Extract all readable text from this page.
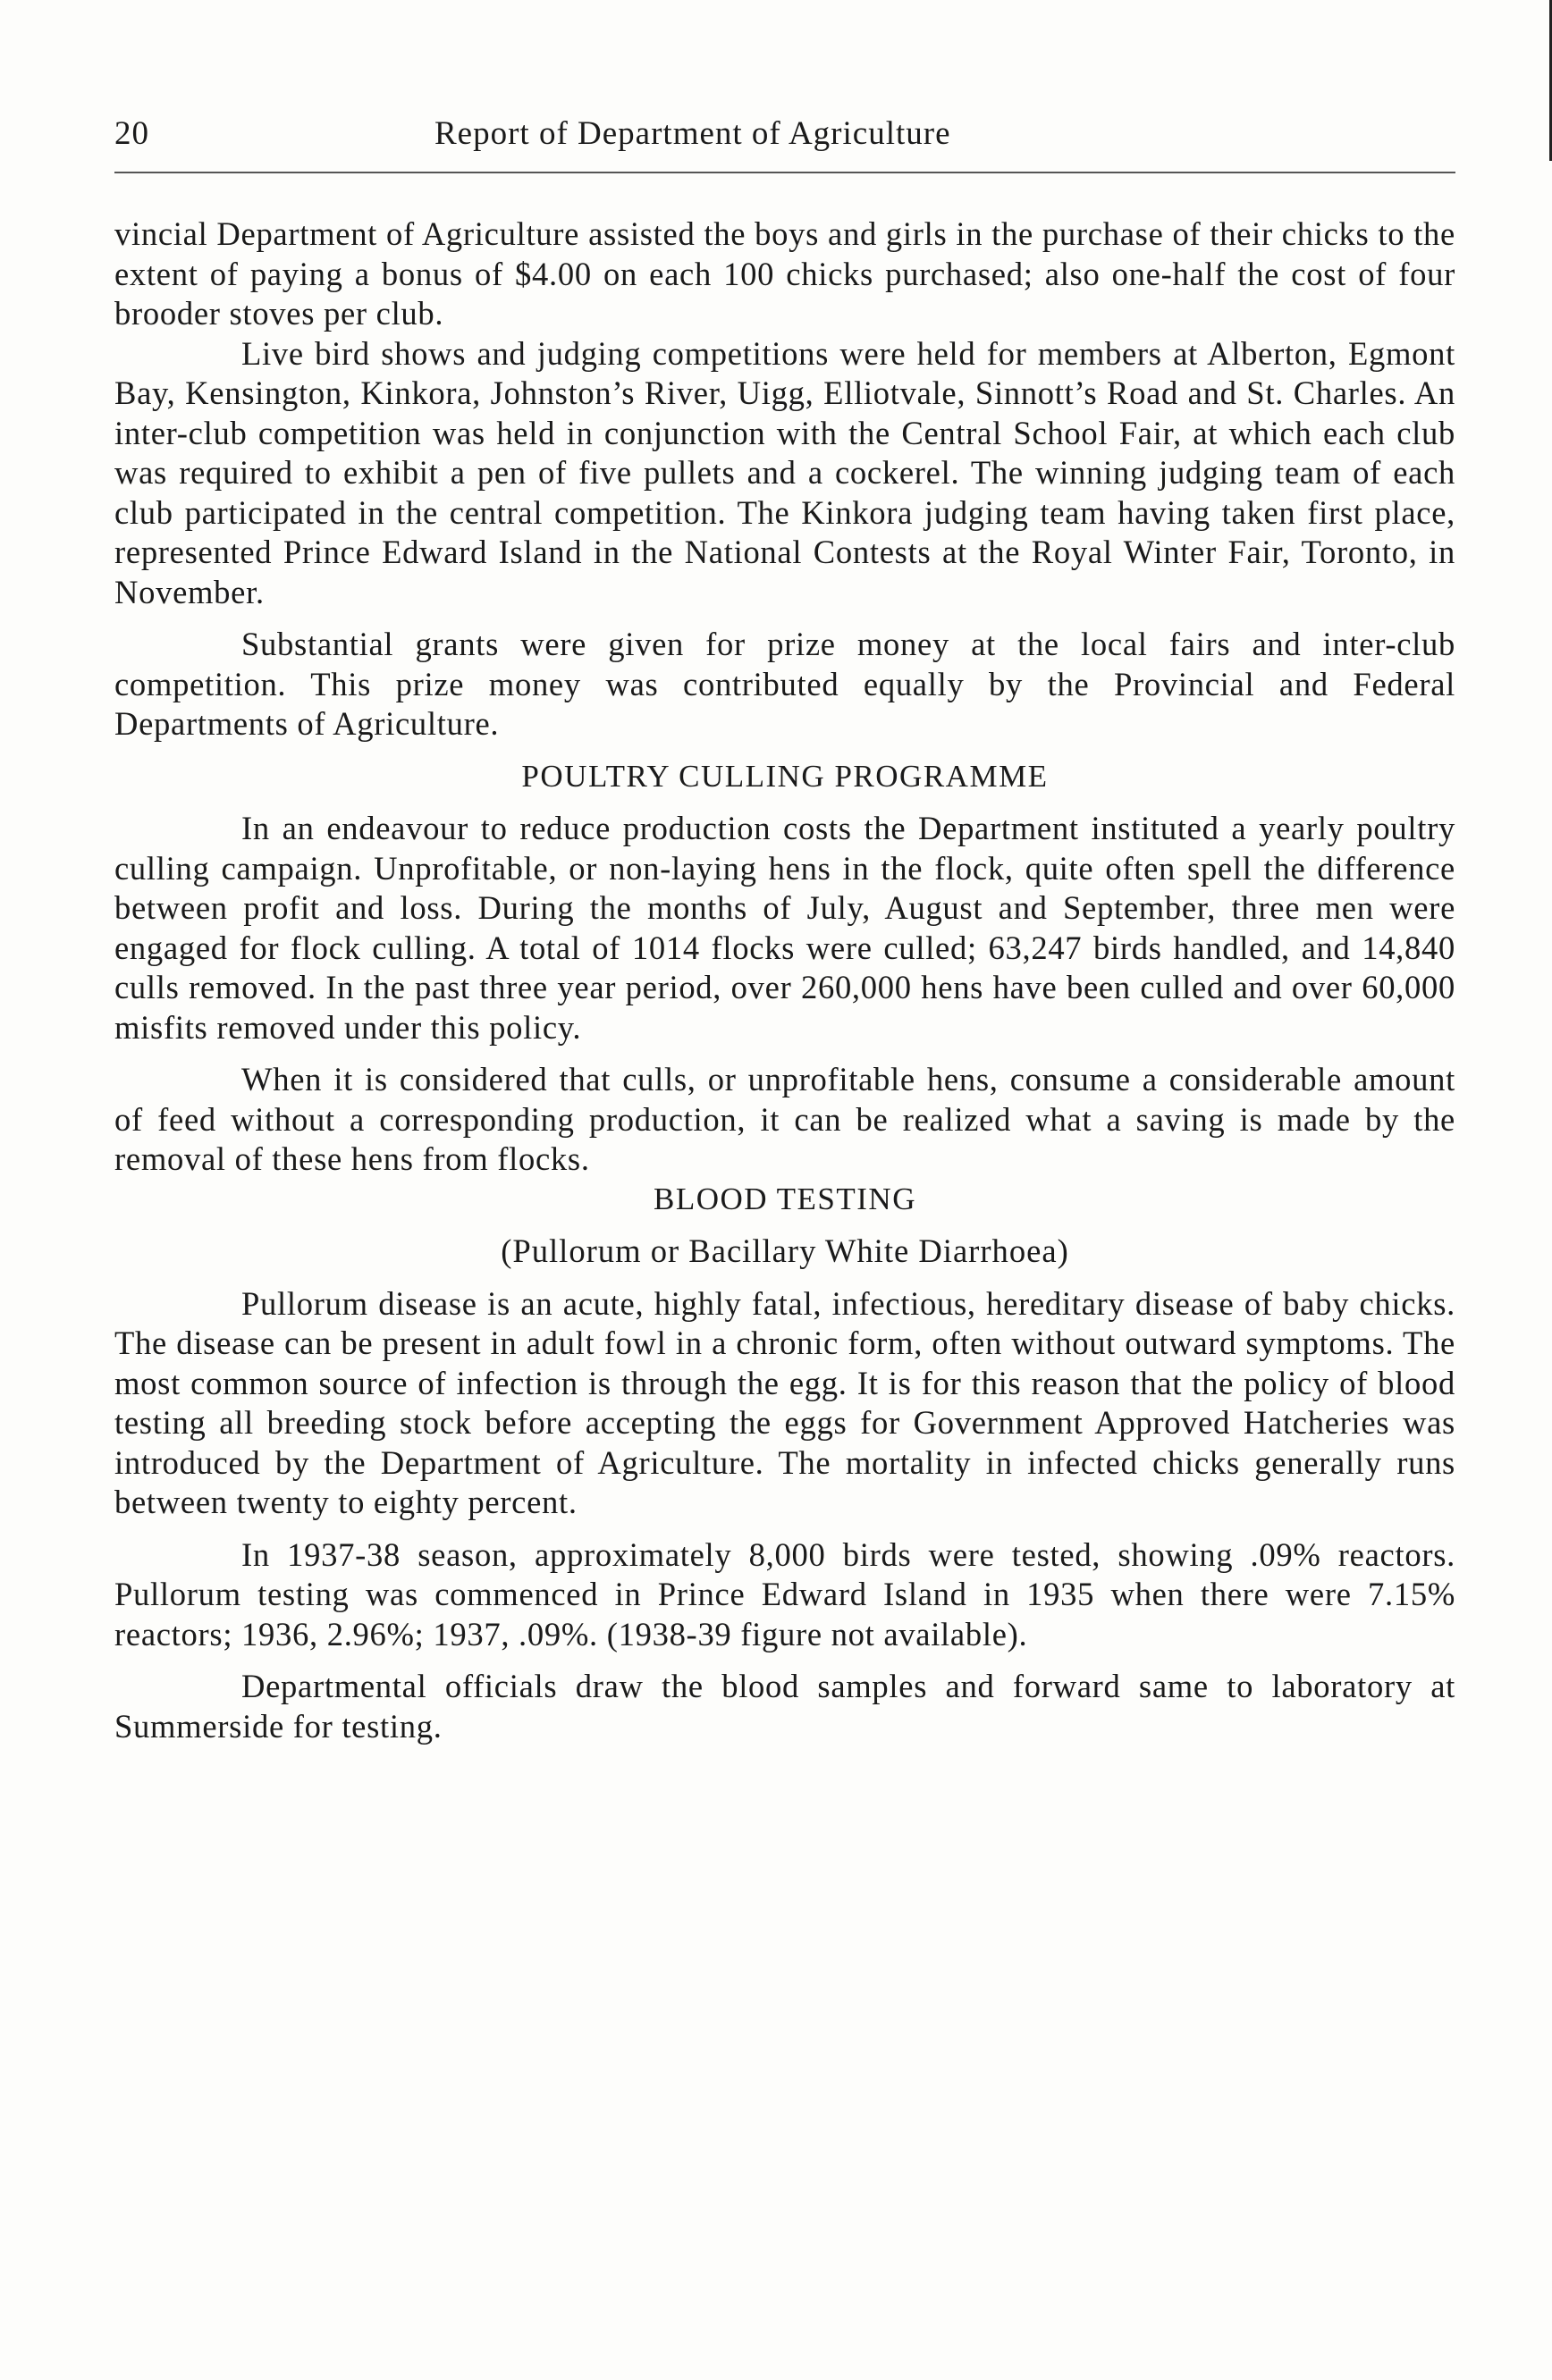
20	Report of Department of Agriculture

vincial Department of Agriculture assisted the boys and girls in the purchase of their chicks to the extent of paying a bonus of $4.00 on each 100 chicks purchased; also one-half the cost of four brooder stoves per club.

Live bird shows and judging competitions were held for members at Alberton, Egmont Bay, Kensington, Kinkora, Johnston’s River, Uigg, Elliotvale, Sinnott’s Road and St. Charles. An inter-club competition was held in conjunction with the Central School Fair, at which each club was required to exhibit a pen of five pullets and a cockerel. The winning judging team of each club participated in the central competition. The Kinkora judging team having taken first place, represented Prince Edward Island in the National Contests at the Royal Winter Fair, Toronto, in November.

Substantial grants were given for prize money at the local fairs and inter-club competition. This prize money was contributed equally by the Provincial and Federal Departments of Agriculture.

POULTRY CULLING PROGRAMME

In an endeavour to reduce production costs the Department instituted a yearly poultry culling campaign. Unprofitable, or non-laying hens in the flock, quite often spell the difference between profit and loss. During the months of July, August and September, three men were engaged for flock culling. A total of 1014 flocks were culled; 63,247 birds handled, and 14,840 culls removed. In the past three year period, over 260,000 hens have been culled and over 60,000 misfits removed under this policy.

When it is considered that culls, or unprofitable hens, consume a considerable amount of feed without a corresponding production, it can be realized what a saving is made by the removal of these hens from flocks.

BLOOD TESTING

(Pullorum or Bacillary White Diarrhoea)

Pullorum disease is an acute, highly fatal, infectious, hereditary disease of baby chicks. The disease can be present in adult fowl in a chronic form, often without outward symptoms. The most common source of infection is through the egg. It is for this reason that the policy of blood testing all breeding stock before accepting the eggs for Government Approved Hatcheries was introduced by the Department of Agriculture. The mortality in infected chicks generally runs between twenty to eighty percent.

In 1937-38 season, approximately 8,000 birds were tested, showing .09% reactors. Pullorum testing was commenced in Prince Edward Island in 1935 when there were 7.15% reactors; 1936, 2.96%; 1937, .09%. (1938-39 figure not available).

Departmental officials draw the blood samples and forward same to laboratory at Summerside for testing.
